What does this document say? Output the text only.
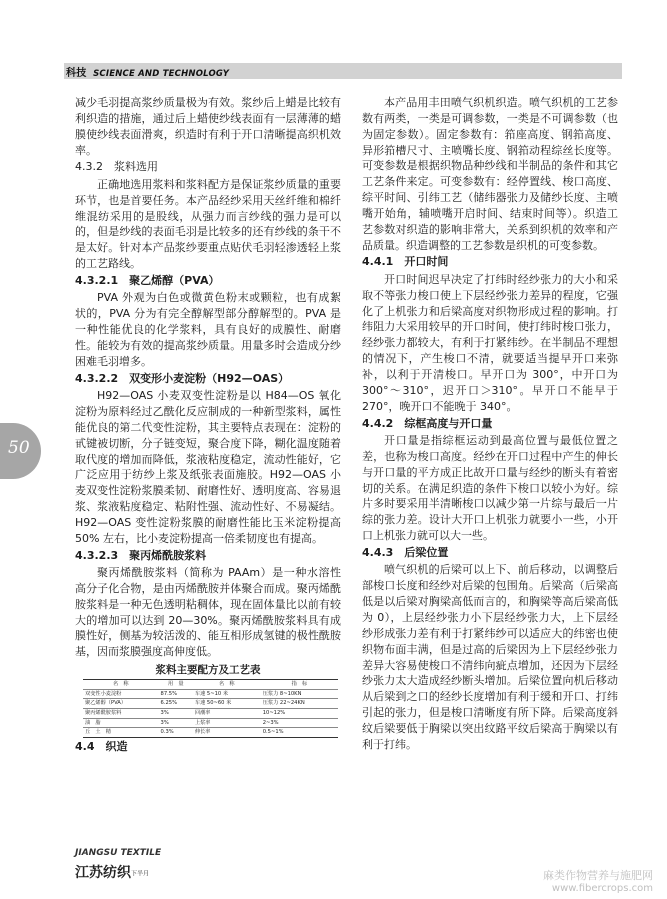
科技 SCIENCE AND TECHNOLOGY
50

减少毛羽提高浆纱质量极为有效。浆纱后上蜡是比较有利织造的措施，通过后上蜡使纱线表面有一层薄薄的蜡膜使纱线表面滑爽，织造时有利于开口清晰提高织机效率。

4.3.2　浆料选用

正确地选用浆料和浆料配方是保证浆纱质量的重要环节，也是首要任务。本产品经纱采用天丝纤维和棉纤维混纺采用的是股线，从强力而言纱线的强力是可以的，但是纱线的表面毛羽是比较多的还有纱线的条干不是太好。针对本产品浆纱要重点贴伏毛羽轻渗透轻上浆的工艺路线。

4.3.2.1　聚乙烯醇（PVA）

PVA 外观为白色或微黄色粉末或颗粒，也有成絮状的，PVA 分为有完全醇解型部分醇解型的。PVA 是一种性能优良的化学浆料，具有良好的成膜性、耐磨性。能较为有效的提高浆纱质量。用量多时会造成分纱困难毛羽增多。

4.3.2.2　双变形小麦淀粉（H92—OAS）

H92—OAS 小麦双变性淀粉是以 H84—OS 氧化淀粉为原料经过乙酰化反应制成的一种新型浆料，属性能优良的第二代变性淀粉，其主要特点表现在：淀粉的甙键被切断，分子链变短，聚合度下降，糊化温度随着取代度的增加而降低，浆液粘度稳定，流动性能好，它广泛应用于纺纱上浆及纸张表面施胶。H92—OAS 小麦双变性淀粉浆膜柔韧、耐磨性好、透明度高、容易退浆、浆液粘度稳定、粘附性强、流动性好、不易凝结。H92—OAS 变性淀粉浆膜的耐磨性能比玉米淀粉提高 50% 左右，比小麦淀粉提高一倍柔韧度也有提高。

4.3.2.3　聚丙烯酰胺浆料

聚丙烯酰胺浆料（简称为 PAAm）是一种水溶性高分子化合物，是由丙烯酰胺并体聚合而成。聚丙烯酰胺浆料是一种无色透明粘稠体，现在固体量比以前有较大的增加可以达到 20—30%。聚丙烯酰胺浆料具有成膜性好，侧基为较活泼的、能互相形成氢键的极性酰胺基，因而浆膜强度高伸度低。

浆料主要配方及工艺表
名　称	用　量	名　称	指　标
双变性小麦淀粉	87.5%	车速 5~10 米	压浆力 8~10KN
聚乙烯醇（PVA）	6.25%	车速 50~60 米	压浆力 22~24KN
聚丙烯酰胺浆料	3%	回潮率	10~12%
油　脂	3%	上浆率	2~3%
丘　土　精	0.3%	伸长率	0.5~1%
4.4　织造

本产品用丰田喷气织机织造。喷气织机的工艺参数有两类，一类是可调参数，一类是不可调参数（也为固定参数）。固定参数有：筘座高度、钢筘高度、异形筘槽尺寸、主喷嘴长度、钢筘动程综丝长度等。可变参数是根据织物品种纱线和半制品的条件和其它工艺条件来定。可变参数有：经停置线、梭口高度、综平时间、引纬工艺（储纬器张力及储纱长度、主喷嘴开始角，辅喷嘴开启时间、结束时间等）。织造工艺参数对织造的影响非常大，关系到织机的效率和产品质量。织造调整的工艺参数是织机的可变参数。

4.4.1　开口时间

开口时间迟早决定了打纬时经纱张力的大小和采取不等张力梭口使上下层经纱张力差异的程度，它强化了上机张力和后梁高度对织物形成过程的影响。打纬阻力大采用较早的开口时间，使打纬时梭口张力，经纱张力都较大，有利于打紧纬纱。在半制品不理想的情况下，产生梭口不清，就要适当提早开口来弥补，以利于开清梭口。早开口为 300°，中开口为 300°～310°，迟开口＞310°。早开口不能早于 270°，晚开口不能晚于 340°。

4.4.2　综框高度与开口量

开口量是指综框运动到最高位置与最低位置之差，也称为梭口高度。经纱在开口过程中产生的伸长与开口量的平方成正比故开口量与经纱的断头有着密切的关系。在满足织造的条件下梭口以较小为好。综片多时要采用半清晰梭口以减少第一片综与最后一片综的张力差。设计大开口上机张力就要小一些，小开口上机张力就可以大一些。

4.4.3　后梁位置

喷气织机的后梁可以上下、前后移动，以调整后部梭口长度和经纱对后梁的包围角。后梁高（后梁高低是以后梁对胸梁高低而言的，和胸梁等高后梁高低为 0），上层经纱张力小下层经纱张力大，上下层经纱形成张力差有利于打紧纬纱可以适应大的纬密也使织物布面丰满，但是过高的后梁因为上下层经纱张力差异大容易使梭口不清纬向疵点增加，还因为下层经纱张力太大造成经纱断头增加。后梁位置向机后移动从后梁到之口的经纱长度增加有利于缓和开口、打纬引起的张力，但是梭口清晰度有所下降。后梁高度斜纹后梁要低于胸梁以突出纹路平纹后梁高于胸梁以有利于打纬。

JIANGSU TEXTILE
江苏纺织下半月	麻类作物营养与施肥网
www.fibercrops.com
